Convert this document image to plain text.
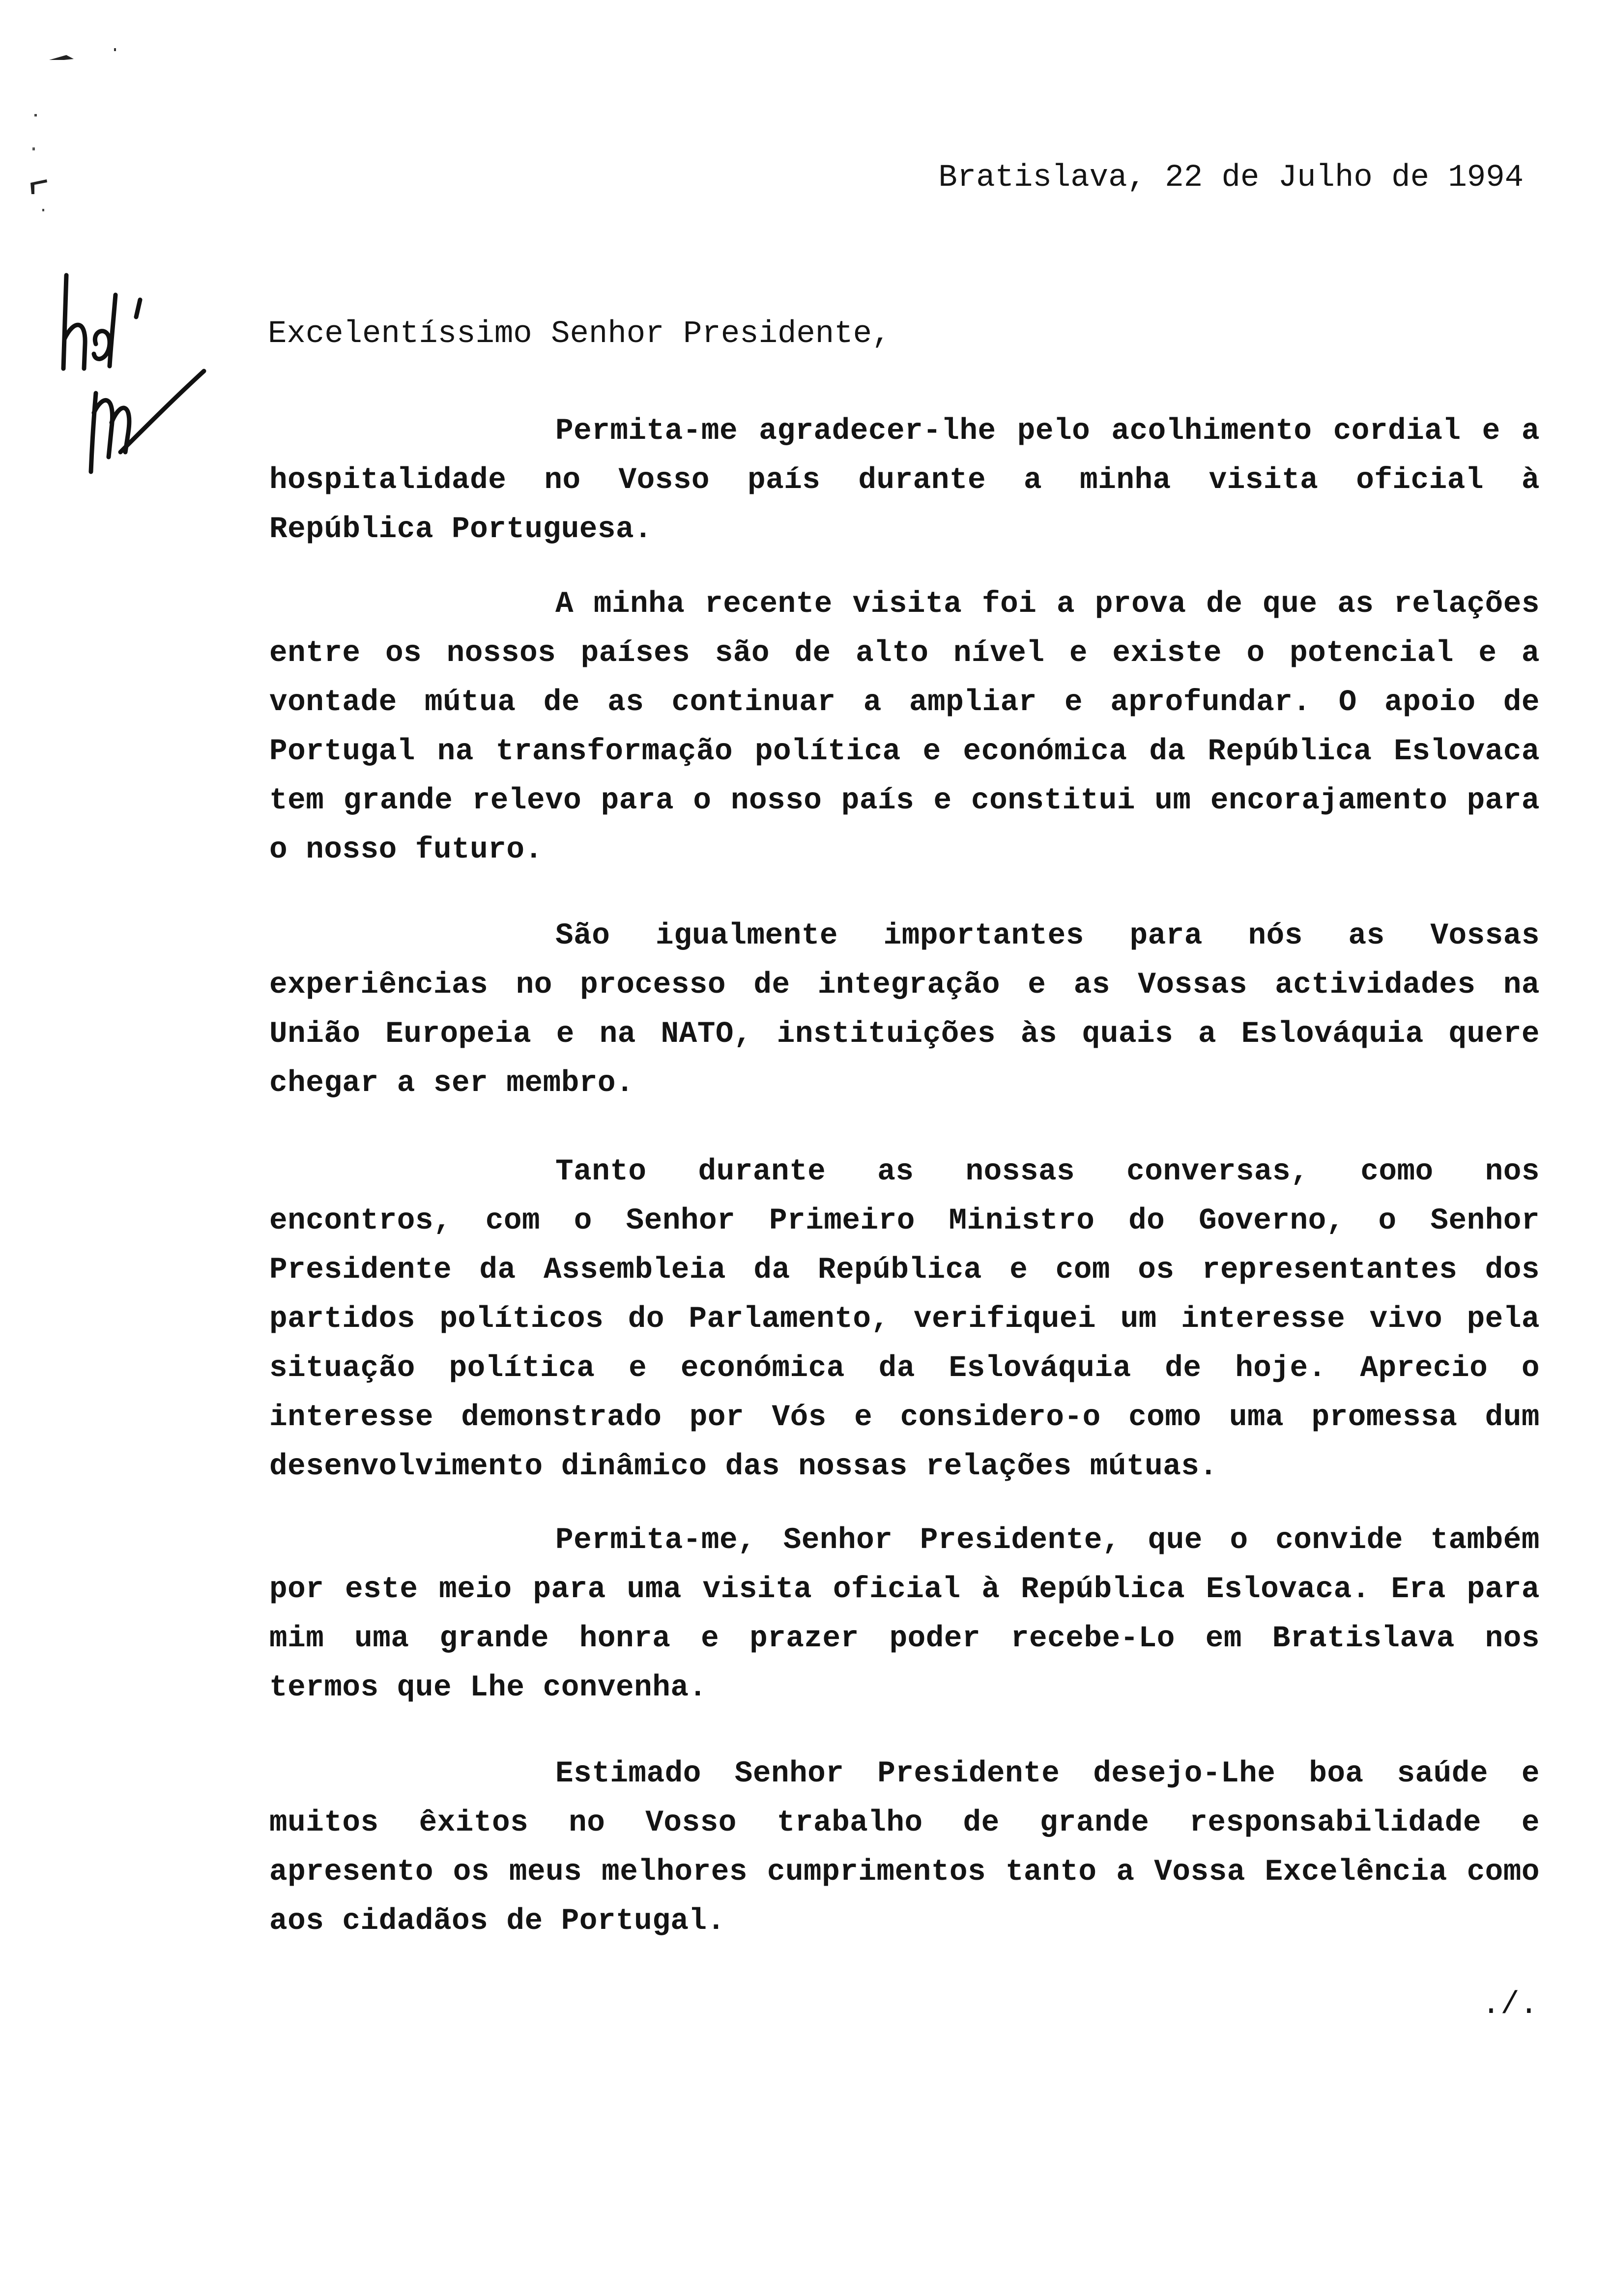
Bratislava, 22 de Julho de 1994
Excelentíssimo Senhor Presidente,

Permita-me agradecer-lhe pelo acolhimento cordial e a hospitalidade no Vosso país durante a minha visita oficial à República Portuguesa.

A minha recente visita foi a prova de que as relações entre os nossos países são de alto nível e existe o potencial e a vontade mútua de as continuar a ampliar e aprofundar. O apoio de Portugal na transformação política e económica da República Eslovaca tem grande relevo para o nosso país e constitui um encorajamento para o nosso futuro.

São igualmente importantes para nós as Vossas experiências no processo de integração e as Vossas actividades na União Europeia e na NATO, instituições às quais a Eslováquia quere chegar a ser membro.

Tanto durante as nossas conversas, como nos encontros, com o Senhor Primeiro Ministro do Governo, o Senhor Presidente da Assembleia da República e com os representantes dos partidos políticos do Parlamento, verifiquei um interesse vivo pela situação política e económica da Eslováquia de hoje. Aprecio o interesse demonstrado por Vós e considero-o como uma promessa dum desenvolvimento dinâmico das nossas relações mútuas.

Permita-me, Senhor Presidente, que o convide também por este meio para uma visita oficial à República Eslovaca. Era para mim uma grande honra e prazer poder recebe-Lo em Bratislava nos termos que Lhe convenha.

Estimado Senhor Presidente desejo-Lhe boa saúde e muitos êxitos no Vosso trabalho de grande responsabilidade e apresento os meus melhores cumprimentos tanto a Vossa Excelência como aos cidadãos de Portugal.

./.
